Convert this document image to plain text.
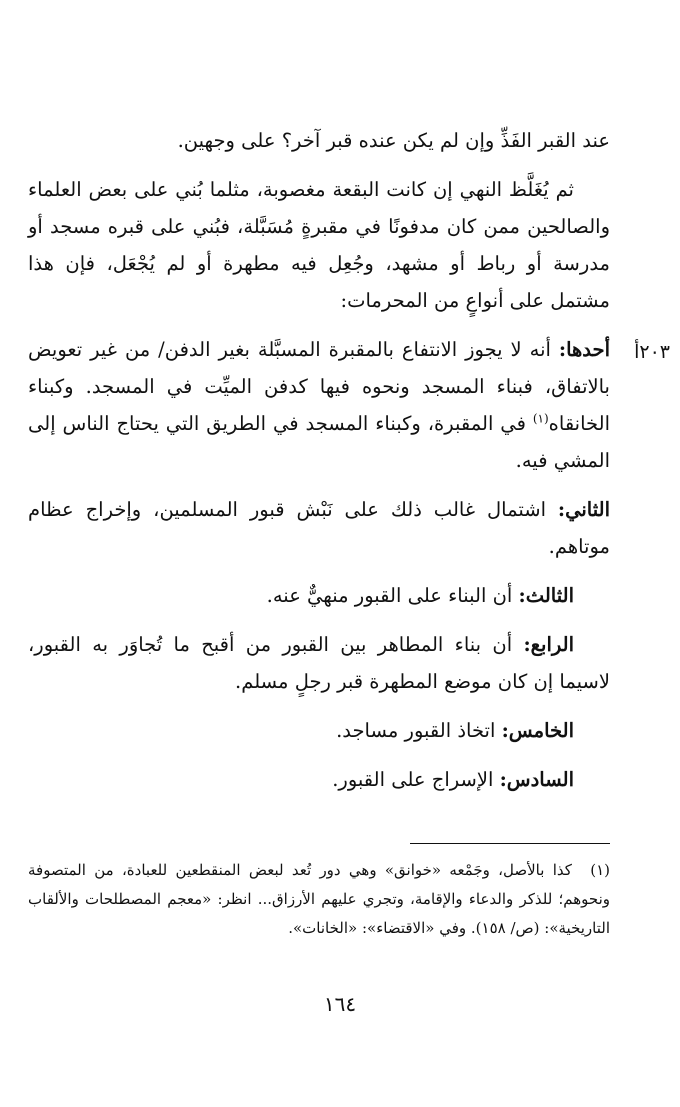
٢٠٣أ

عند القبر الفَذِّ وإن لم يكن عنده قبر آخر؟ على وجهين.

ثم يُغَلَّظ النهي إن كانت البقعة مغصوبة، مثلما بُني على بعض العلماء والصالحين ممن كان مدفونًا في مقبرةٍ مُسَبَّلة، فبُني على قبره مسجد أو مدرسة أو رباط أو مشهد، وجُعِل فيه مطهرة أو لم يُجْعَل، فإن هذا مشتمل على أنواعٍ من المحرمات:

أحدها: أنه لا يجوز الانتفاع بالمقبرة المسبَّلة بغير الدفن/ من غير تعويض بالاتفاق، فبناء المسجد ونحوه فيها كدفن الميِّت في المسجد. وكبناء الخانقاه$^{(١)}$ في المقبرة، وكبناء المسجد في الطريق التي يحتاج الناس إلى المشي فيه.

الثاني: اشتمال غالب ذلك على نَبْش قبور المسلمين، وإخراج عظام موتاهم.

الثالث: أن البناء على القبور منهيٌّ عنه.

الرابع: أن بناء المطاهر بين القبور من أقبح ما تُجاوَر به القبور، لاسيما إن كان موضع المطهرة قبر رجلٍ مسلم.

الخامس: اتخاذ القبور مساجد.

السادس: الإسراج على القبور.

(١) كذا بالأصل، وجَمْعه «خوانق» وهي دور تُعد لبعض المنقطعين للعبادة، من المتصوفة ونحوهم؛ للذكر والدعاء والإقامة، وتجري عليهم الأرزاق... انظر: «معجم المصطلحات والألقاب التاريخية»: (ص/ ١٥٨). وفي «الاقتضاء»: «الخانات».

١٦٤
